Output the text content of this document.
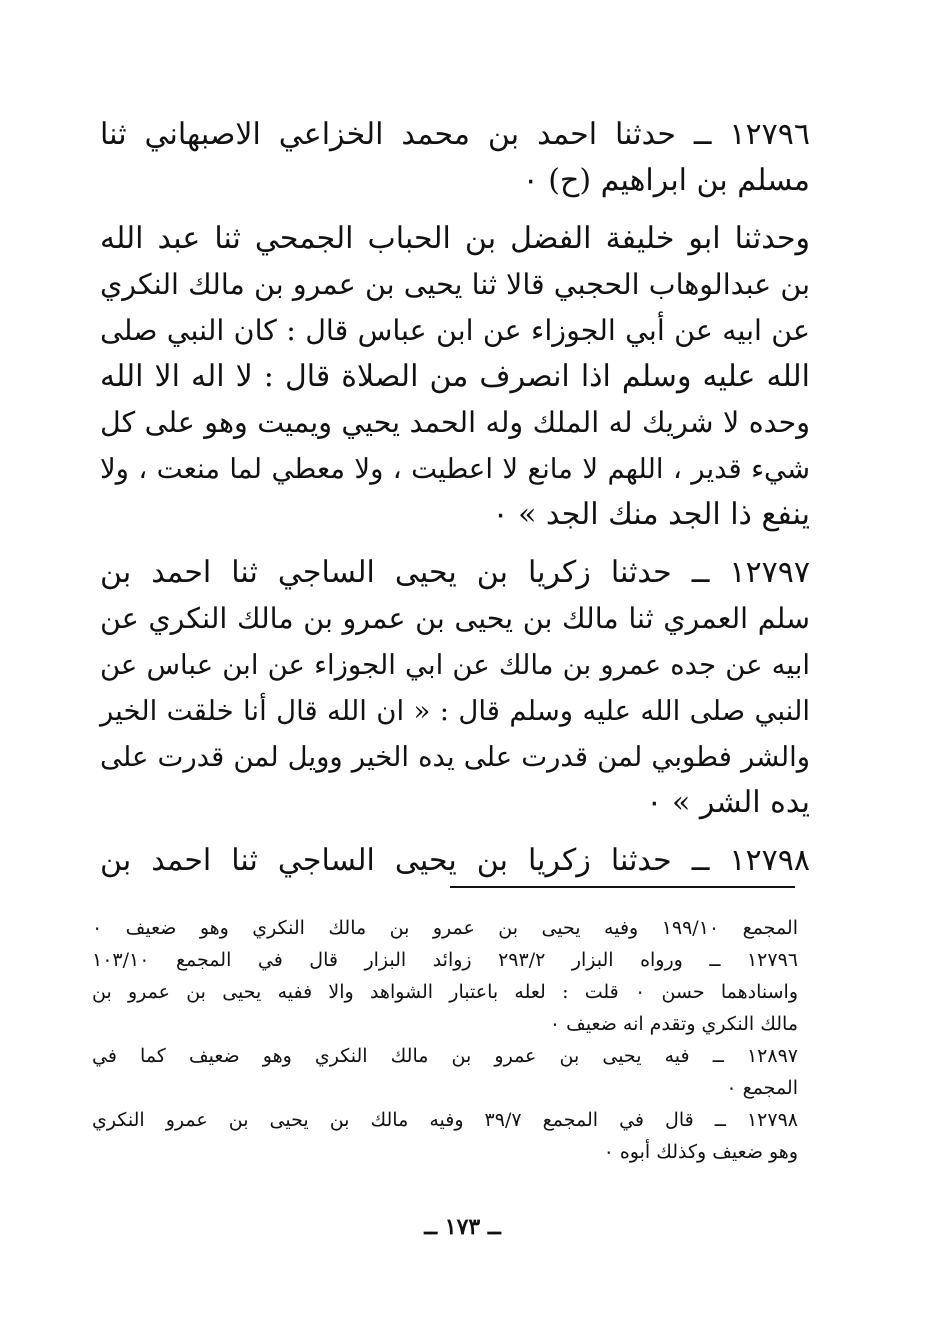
١٢٧٩٦ ــ حدثنا احمد بن محمد الخزاعي الاصبهاني ثنا
مسلم بن ابراهيم (ح) ٠
وحدثنا ابو خليفة الفضل بن الحباب الجمحي ثنا عبد الله
بن عبدالوهاب الحجبي قالا ثنا يحيى بن عمرو بن مالك النكري
عن ابيه عن أبي الجوزاء عن ابن عباس قال : كان النبي صلى
الله عليه وسلم اذا انصرف من الصلاة قال : لا اله الا الله
وحده لا شريك له الملك وله الحمد يحيي ويميت وهو على كل
شيء قدير ، اللهم لا مانع لا اعطيت ، ولا معطي لما منعت ، ولا
ينفع ذا الجد منك الجد » ٠
١٢٧٩٧ ــ حدثنا زكريا بن يحيى الساجي ثنا احمد بن
سلم العمري ثنا مالك بن يحيى بن عمرو بن مالك النكري عن
ابيه عن جده عمرو بن مالك عن ابي الجوزاء عن ابن عباس عن
النبي صلى الله عليه وسلم قال : « ان الله قال أنا خلقت الخير
والشر فطوبي لمن قدرت على يده الخير وويل لمن قدرت على
يده الشر » ٠
١٢٧٩٨ ــ حدثنا زكريا بن يحيى الساجي ثنا احمد بن
المجمع ١٩٩/١٠ وفيه يحيى بن عمرو بن مالك النكري وهو ضعيف ٠
١٢٧٩٦ ــ ورواه البزار ٢٩٣/٢ زوائد البزار قال في المجمع ١٠٣/١٠
واسنادهما حسن ٠ قلت : لعله باعتبار الشواهد والا ففيه يحيى بن عمرو بن
مالك النكري وتقدم انه ضعيف ٠
١٢٨٩٧ ــ فيه يحيى بن عمرو بن مالك النكري وهو ضعيف كما في
المجمع ٠
١٢٧٩٨ ــ قال في المجمع ٣٩/٧ وفيه مالك بن يحيى بن عمرو النكري
وهو ضعيف وكذلك أبوه ٠
ــ ١٧٣ ــ
